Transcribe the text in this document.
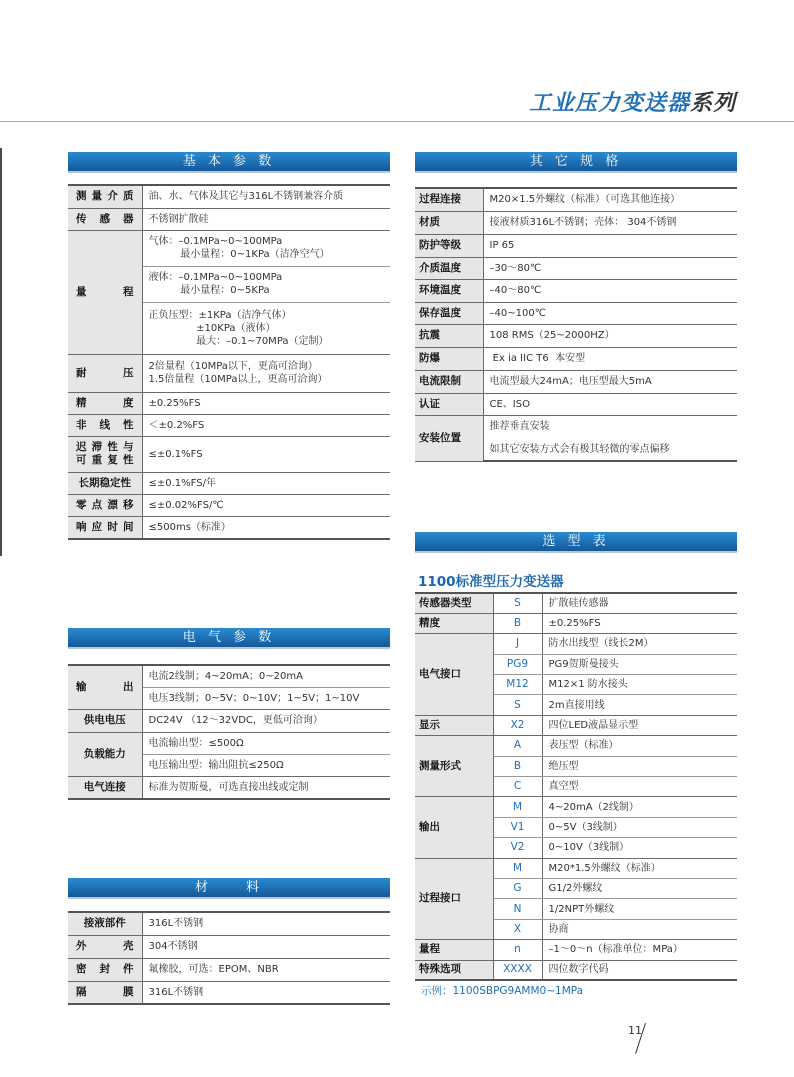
工业压力变送器系列
基 本 参 数
电 气 参 数
材　　料
其 它 规 格
选 型 表
测量介质	油、水、气体及其它与316L不锈钢兼容介质
传感器	不锈钢扩散硅
量程	气体：–0.1MPa~0~100MPa
最小量程：0~1KPa（洁净空气）
	液体：–0.1MPa~0~100MPa
最小量程：0~5KPa
	正负压型：±1KPa（洁净气体）
±10KPa（液体）
最大：–0.1~70MPa（定制）
耐压	2倍量程（10MPa以下，更高可洽询）
1.5倍量程（10MPa以上，更高可洽询）
精度	±0.25%FS
非线性	＜±0.2%FS
迟滞性与
可重复性	≤±0.1%FS
长期稳定性	≤±0.1%FS/年
零点漂移	≤±0.02%FS/℃
响应时间	≤500ms（标准）
输出	电流2线制；4~20mA；0~20mA
	电压3线制；0~5V；0~10V；1~5V；1~10V
供电电压	DC24V （12～32VDC，更低可洽询）
负载能力	电流输出型：≤500Ω
	电压输出型：输出阻抗≤250Ω
电气连接	标准为贺斯曼，可选直接出线或定制
接液部件	316L不锈钢
外壳	304不锈钢
密封件	氟橡胶，可选：EPOM、NBR
隔膜	316L不锈钢
过程连接	M20×1.5外螺纹（标准）（可选其他连接）
材质	接液材质316L不锈钢；壳体： 304不锈钢
防护等级	IP 65
介质温度	–30～80℃
环境温度	–40～80℃
保存温度	–40~100℃
抗震	108 RMS（25~2000HZ）
防爆	Ex ia IIC T6  本安型
电流限制	电流型最大24mA；电压型最大5mA
认证	CE、ISO
安装位置	推荐垂直安装
	如其它安装方式会有极其轻微的零点偏移
1100标准型压力变送器
传感器类型	S	扩散硅传感器
精度	B	±0.25%FS
电气接口	J	防水出线型（线长2M）
	PG9	PG9贺斯曼接头
	M12	M12×1 防水接头
	S	2m直接用线
显示	X2	四位LED液晶显示型
测量形式	A	表压型（标准）
	B	绝压型
	C	真空型
输出	M	4~20mA（2线制）
	V1	0~5V（3线制）
	V2	0~10V（3线制）
过程接口	M	M20*1.5外螺纹（标准）
	G	G1/2外螺纹
	N	1/2NPT外螺纹
	X	协商
量程	n	–1～0～n（标准单位：MPa）
特殊选项	XXXX	四位数字代码
示例：1100SBPG9AMM0~1MPa
11
